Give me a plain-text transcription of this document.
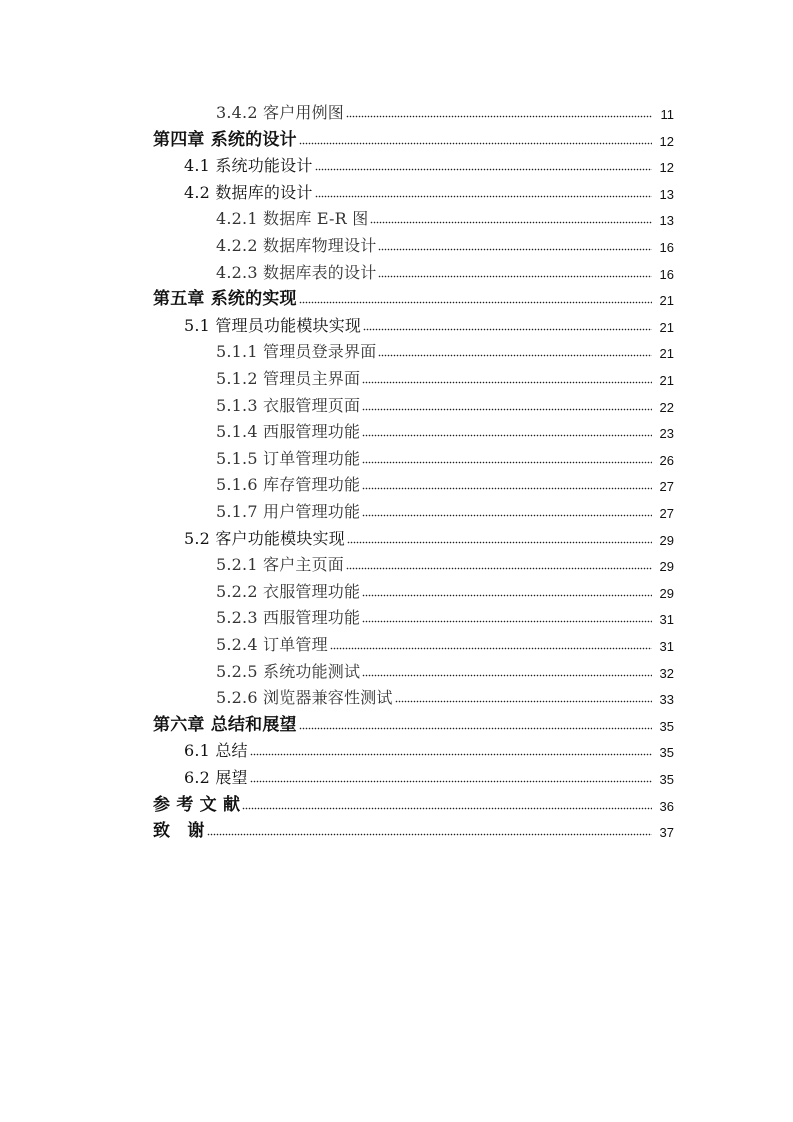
3.4.2 客户用例图	11
第四章 系统的设计	12
4.1 系统功能设计	12
4.2 数据库的设计	13
4.2.1 数据库 E-R 图	13
4.2.2 数据库物理设计	16
4.2.3 数据库表的设计	16
第五章 系统的实现	21
5.1 管理员功能模块实现	21
5.1.1 管理员登录界面	21
5.1.2 管理员主界面	21
5.1.3 衣服管理页面	22
5.1.4 西服管理功能	23
5.1.5 订单管理功能	26
5.1.6 库存管理功能	27
5.1.7 用户管理功能	27
5.2 客户功能模块实现	29
5.2.1 客户主页面	29
5.2.2 衣服管理功能	29
5.2.3 西服管理功能	31
5.2.4 订单管理	31
5.2.5 系统功能测试	32
5.2.6 浏览器兼容性测试	33
第六章 总结和展望	35
6.1 总结	35
6.2 展望	35
参 考 文 献	36
致　谢	37
